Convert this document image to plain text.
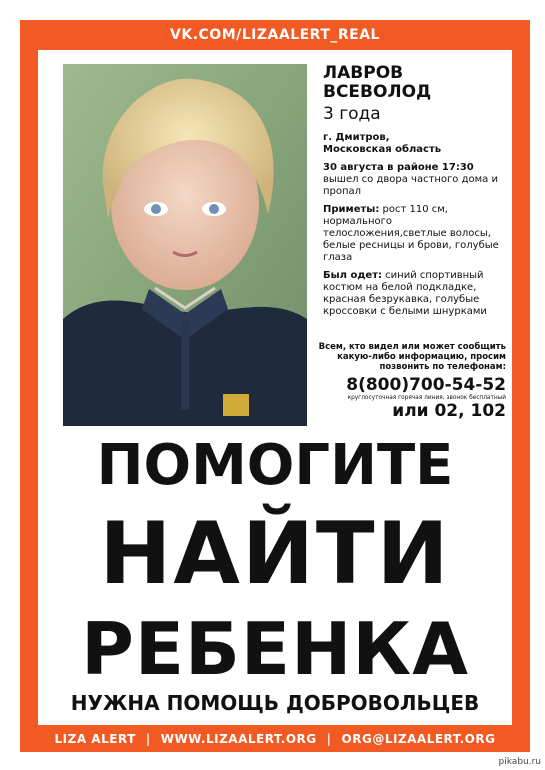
VK.COM/LIZAALERT_REAL
ЛАВРОВ
ВСЕВОЛОД
3 года
г. Дмитров,
Московская область
30 августа в районе 17:30
вышел со двора частного дома и пропал
Приметы: рост 110 см, нормального телосложения,светлые волосы, белые ресницы и брови, голубые глаза
Был одет: синий спортивный костюм на белой подкладке, красная безрукавка, голубые кроссовки с белыми шнурками
Всем, кто видел или может сообщить какую-либо информацию, просим позвонить по телефонам:
8(800)700-54-52
круглосуточная горячая линия, звонок бесплатный
или 02, 102
ПОМОГИТЕ
НАЙТИ
РЕБЕНКА
НУЖНА ПОМОЩЬ ДОБРОВОЛЬЦЕВ
LIZA ALERT | WWW.LIZAALERT.ORG | ORG@LIZAALERT.ORG
pikabu.ru
